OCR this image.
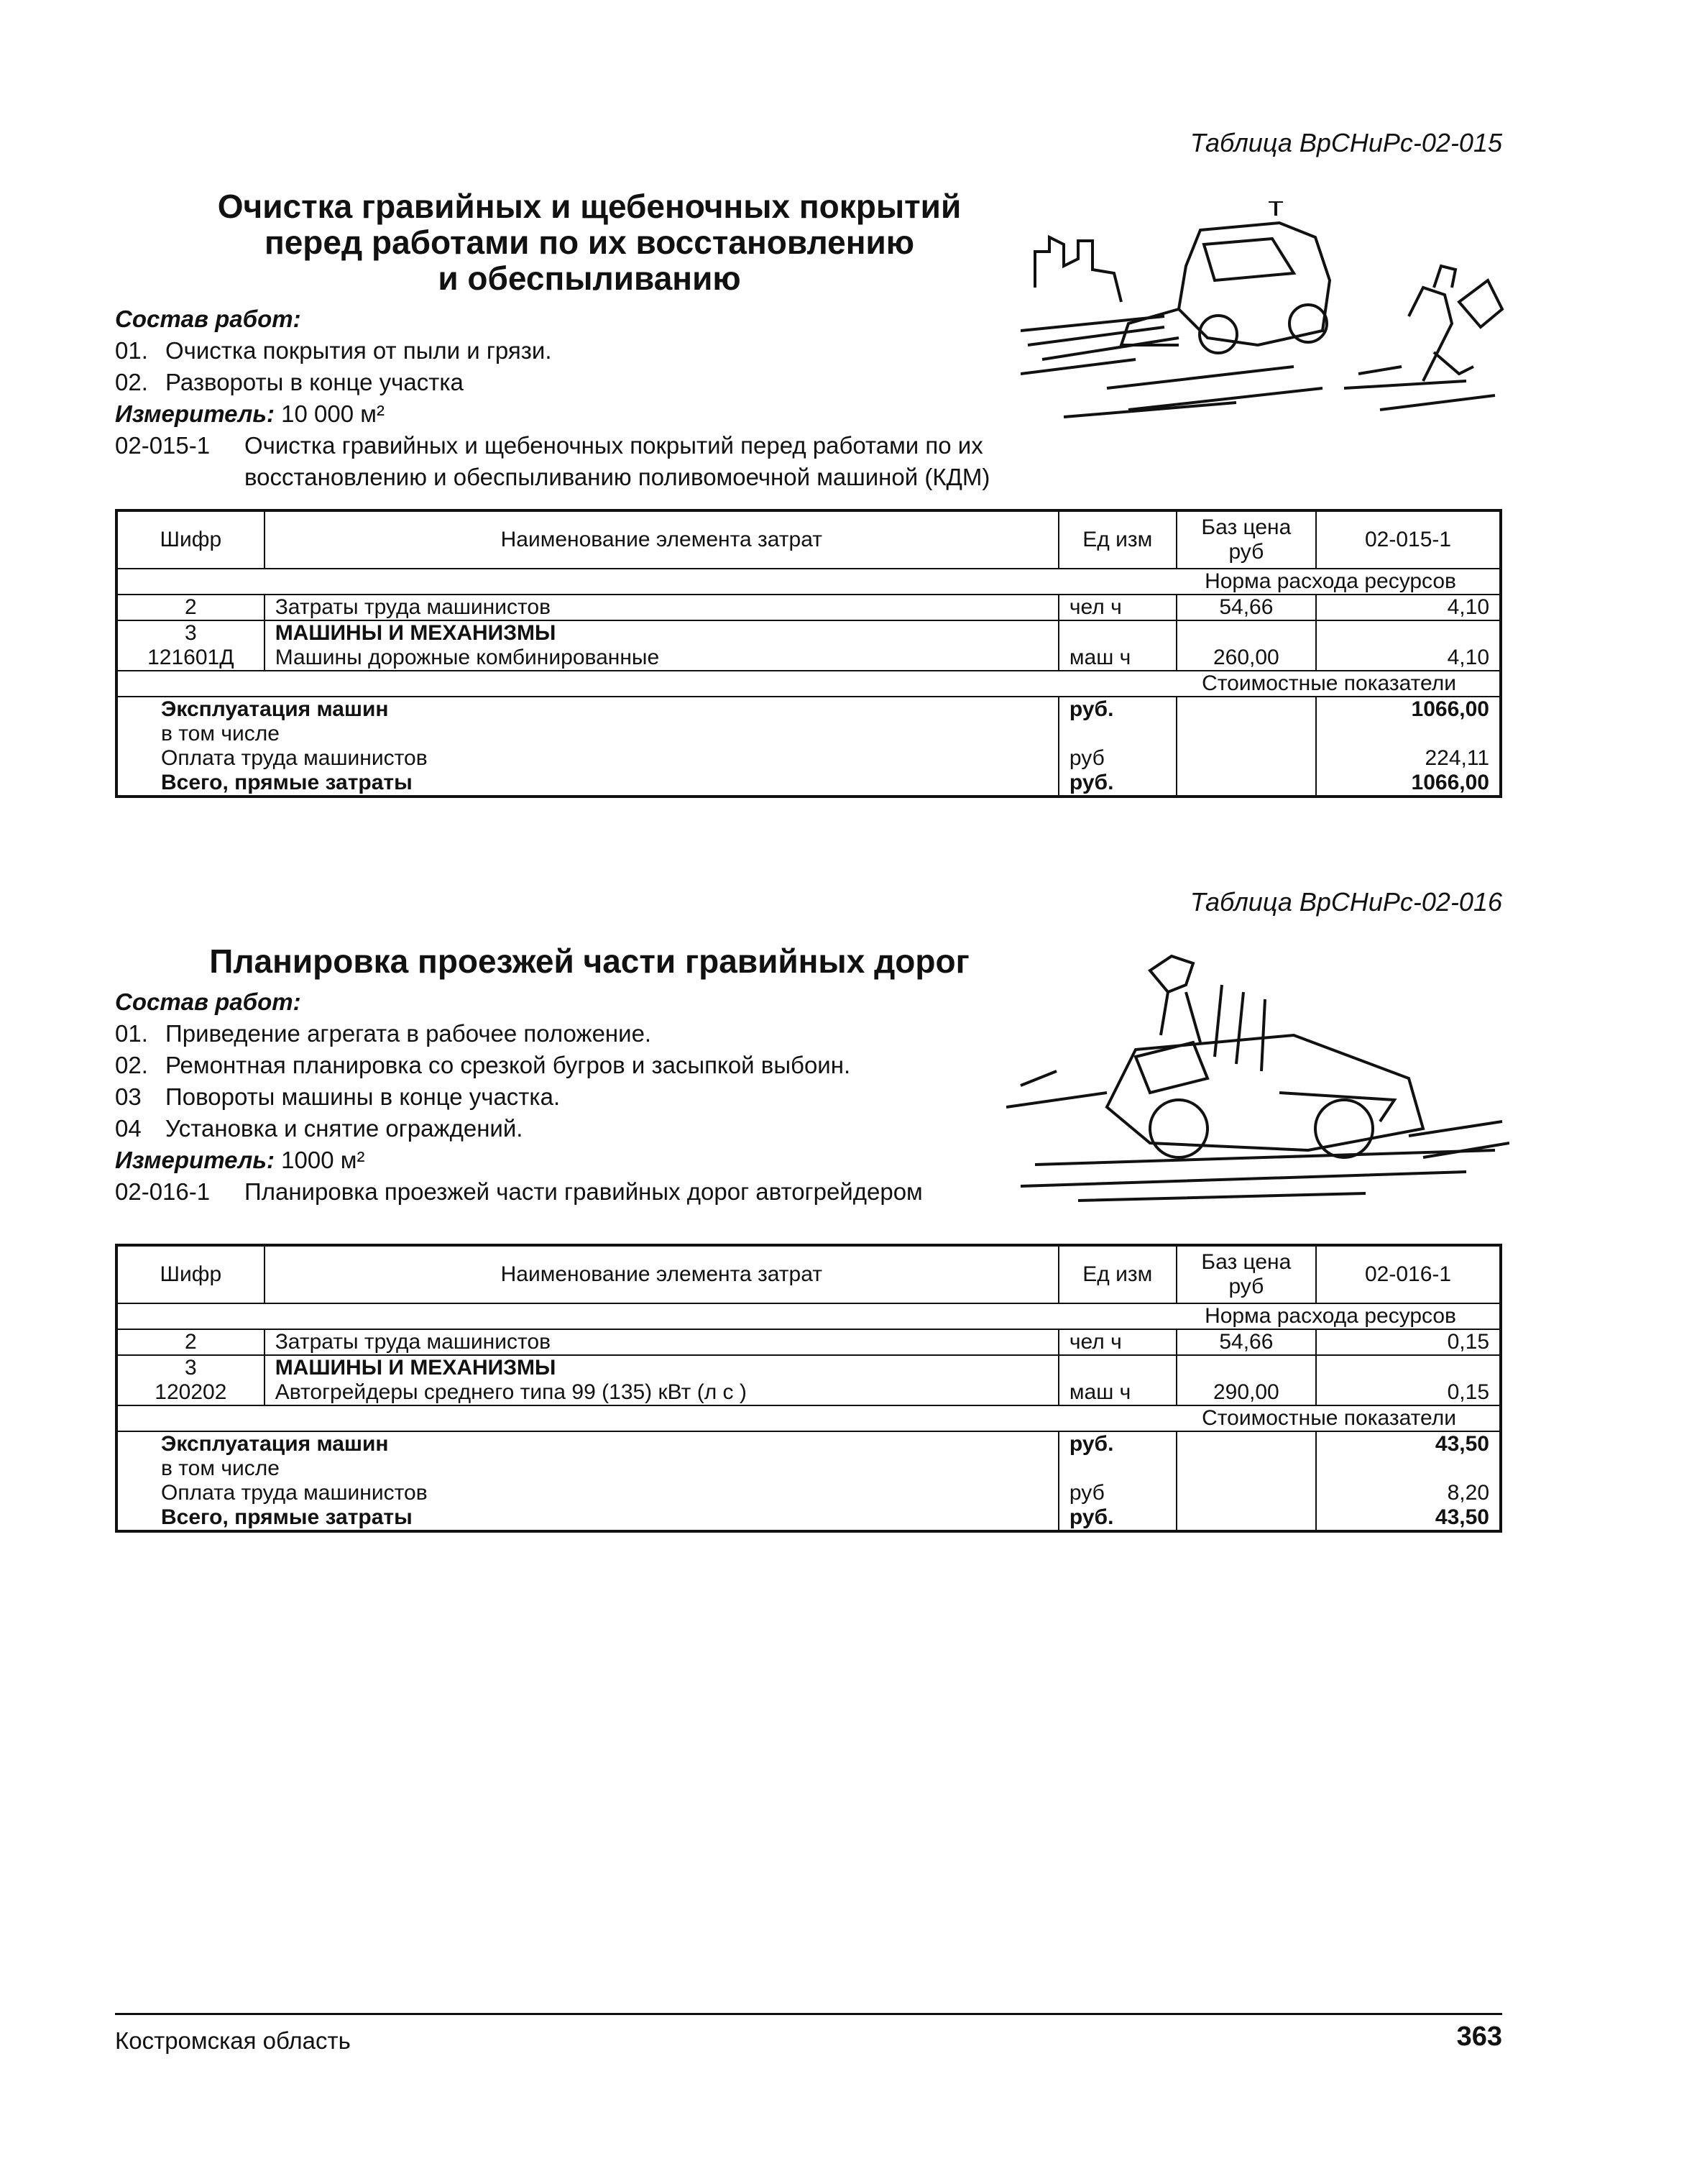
Таблица ВрСНиРс-02-015
Очистка гравийных и щебеночных покрытий
перед работами по их восстановлению
и обеспыливанию
Состав работ:
01. Очистка покрытия от пыли и грязи.
02. Развороты в конце участка
Измеритель: 10 000 м²
02-015-1 Очистка гравийных и щебеночных покрытий перед работами по их
восстановлению и обеспыливанию поливомоечной машиной (КДМ)
Шифр	Наименование элемента затрат	Ед изм	Баз цена руб	02-015-1
Норма расхода ресурсов				
2	Затраты труда машинистов	чел ч	54,66	4,10
3	МАШИНЫ И МЕХАНИЗМЫ			
121601Д	Машины дорожные комбинированные	маш ч	260,00	4,10
Стоимостные показатели				
Эксплуатация машин		руб.		1066,00
в том числе				
Оплата труда машинистов		руб		224,11
Всего, прямые затраты		руб.		1066,00
Таблица ВрСНиРс-02-016
Планировка проезжей части гравийных дорог
Состав работ:
01. Приведение агрегата в рабочее положение.
02. Ремонтная планировка со срезкой бугров и засыпкой выбоин.
03 Повороты машины в конце участка.
04 Установка и снятие ограждений.
Измеритель: 1000 м²
02-016-1 Планировка проезжей части гравийных дорог автогрейдером
Шифр	Наименование элемента затрат	Ед изм	Баз цена руб	02-016-1
Норма расхода ресурсов				
2	Затраты труда машинистов	чел ч	54,66	0,15
3	МАШИНЫ И МЕХАНИЗМЫ			
120202	Автогрейдеры среднего типа 99 (135) кВт (л с )	маш ч	290,00	0,15
Стоимостные показатели				
Эксплуатация машин		руб.		43,50
в том числе				
Оплата труда машинистов		руб		8,20
Всего, прямые затраты		руб.		43,50
Костромская область	363
